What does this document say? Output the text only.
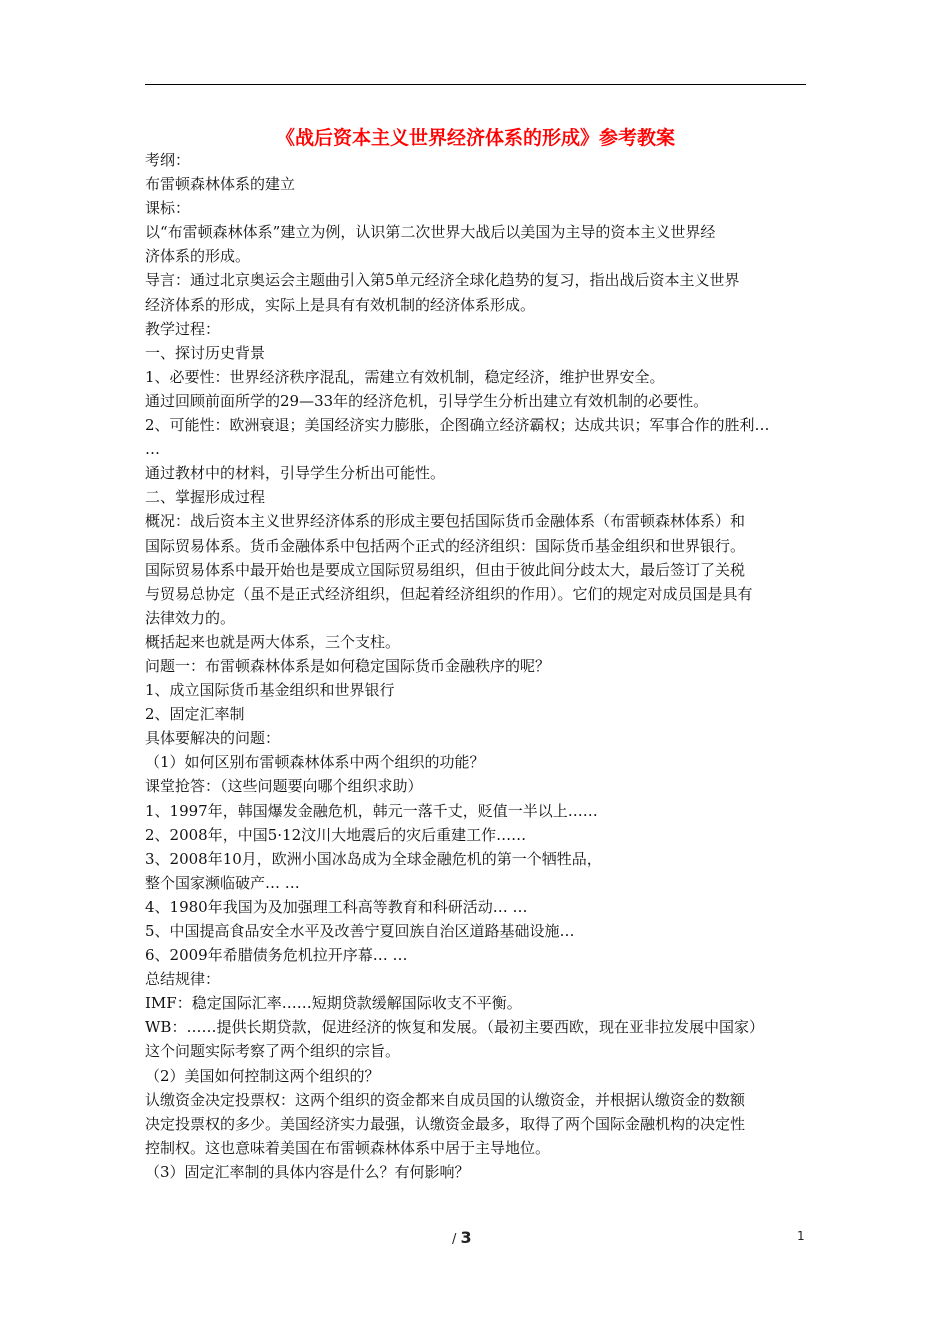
《战后资本主义世界经济体系的形成》参考教案
考纲：
布雷顿森林体系的建立
课标：
以“布雷顿森林体系”建立为例，认识第二次世界大战后以美国为主导的资本主义世界经
济体系的形成。
导言：通过北京奥运会主题曲引入第5单元经济全球化趋势的复习，指出战后资本主义世界
经济体系的形成，实际上是具有有效机制的经济体系形成。
教学过程：
一、探讨历史背景
1、必要性：世界经济秩序混乱，需建立有效机制，稳定经济，维护世界安全。
通过回顾前面所学的29—33年的经济危机，引导学生分析出建立有效机制的必要性。
2、可能性：欧洲衰退；美国经济实力膨胀，企图确立经济霸权；达成共识；军事合作的胜利…
…
通过教材中的材料，引导学生分析出可能性。
二、掌握形成过程
概况：战后资本主义世界经济体系的形成主要包括国际货币金融体系（布雷顿森林体系）和
国际贸易体系。货币金融体系中包括两个正式的经济组织：国际货币基金组织和世界银行。
国际贸易体系中最开始也是要成立国际贸易组织，但由于彼此间分歧太大，最后签订了关税
与贸易总协定（虽不是正式经济组织，但起着经济组织的作用）。它们的规定对成员国是具有
法律效力的。
概括起来也就是两大体系，三个支柱。
问题一：布雷顿森林体系是如何稳定国际货币金融秩序的呢？
1、成立国际货币基金组织和世界银行
2、固定汇率制
具体要解决的问题：
（1）如何区别布雷顿森林体系中两个组织的功能？
课堂抢答：（这些问题要向哪个组织求助）
1、1997年，韩国爆发金融危机，韩元一落千丈，贬值一半以上……
2、2008年，中国5·12汶川大地震后的灾后重建工作……
3、2008年10月，欧洲小国冰岛成为全球金融危机的第一个牺牲品，
整个国家濒临破产… …
4、1980年我国为及加强理工科高等教育和科研活动… …
5、中国提高食品安全水平及改善宁夏回族自治区道路基础设施…
6、2009年希腊债务危机拉开序幕… …
总结规律：
IMF：稳定国际汇率……短期贷款缓解国际收支不平衡。
WB：……提供长期贷款，促进经济的恢复和发展。（最初主要西欧，现在亚非拉发展中国家）
这个问题实际考察了两个组织的宗旨。
（2）美国如何控制这两个组织的？
认缴资金决定投票权：这两个组织的资金都来自成员国的认缴资金，并根据认缴资金的数额
决定投票权的多少。美国经济实力最强，认缴资金最多，取得了两个国际金融机构的决定性
控制权。这也意味着美国在布雷顿森林体系中居于主导地位。
（3）固定汇率制的具体内容是什么？有何影响？
/ 3	1
